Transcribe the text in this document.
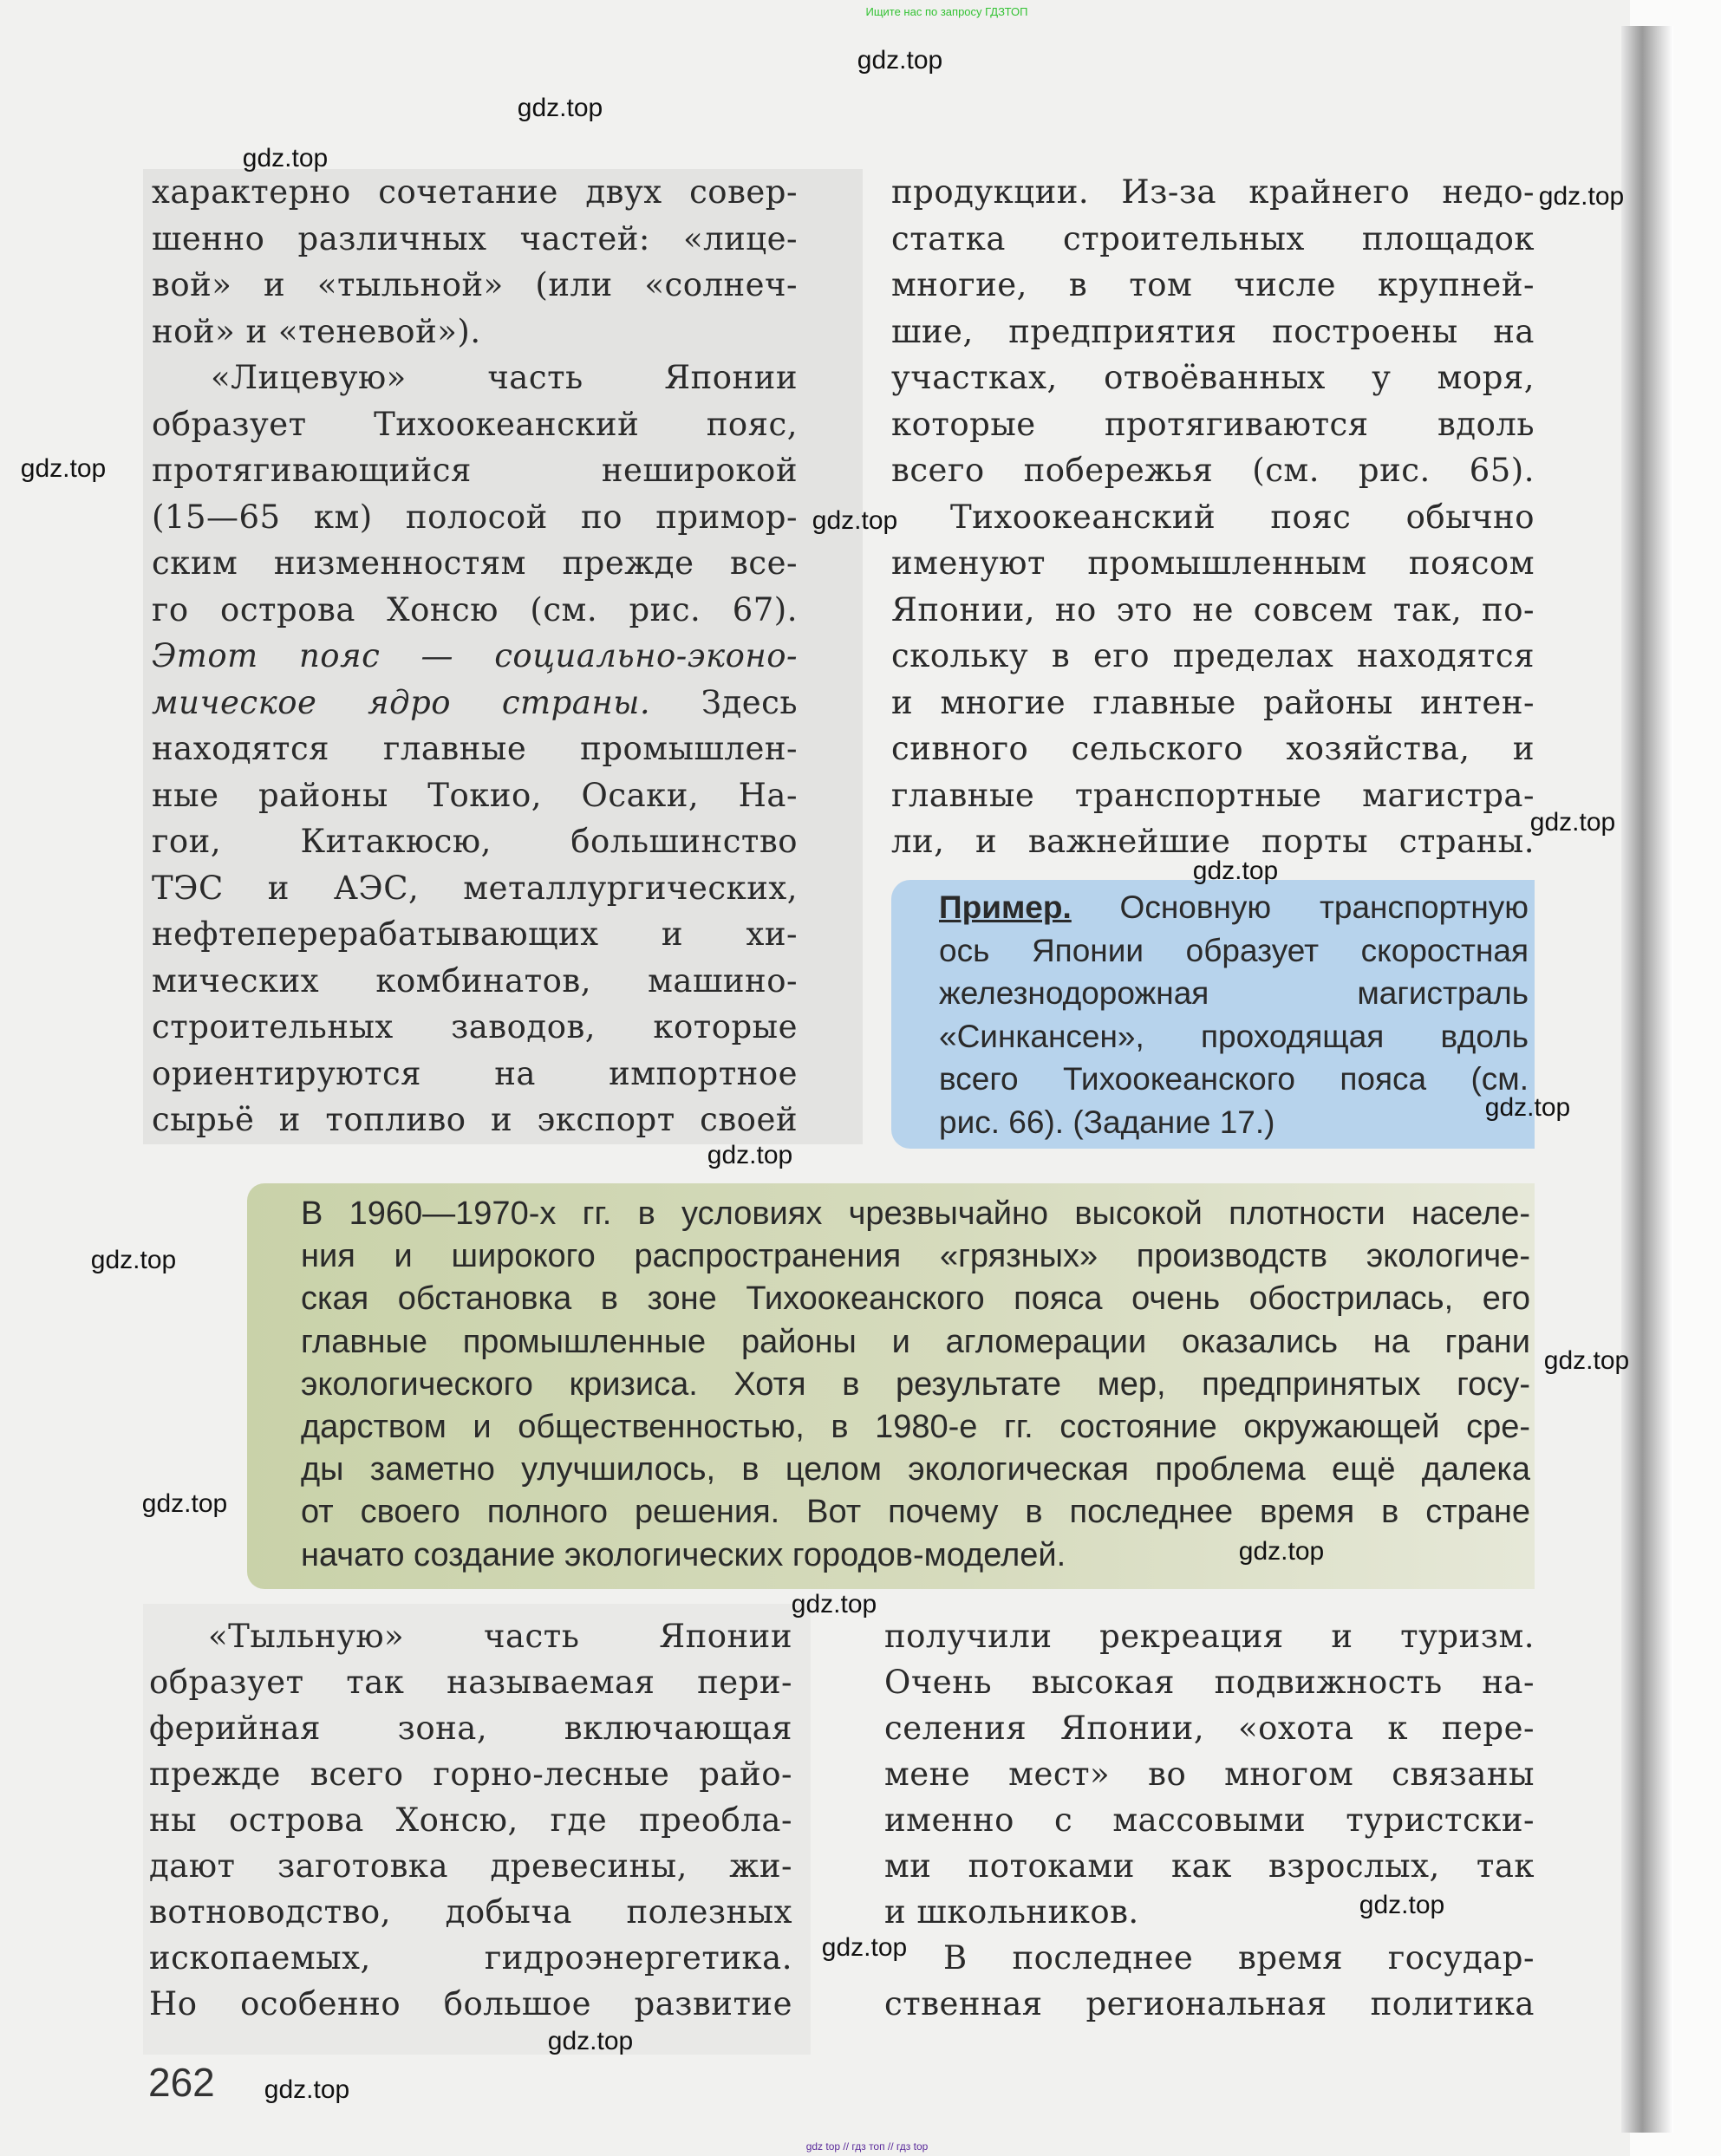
Ищите нас по запросу ГДЗТОП
характерно сочетание двух совер-
шенно различных частей: «лице-
вой» и «тыльной» (или «солнеч-
ной» и «теневой»).
«Лицевую» часть Японии
образует Тихоокеанский пояс,
протягивающийся неширокой
(15—65 км) полосой по примор-
ским низменностям прежде все-
го острова Хонсю (см. рис. 67).
Этот пояс — социально-эконо-
мическое ядро страны. Здесь
находятся главные промышлен-
ные районы Токио, Осаки, На-
гои, Китакюсю, большинство
ТЭС и АЭС, металлургических,
нефтеперерабатывающих и хи-
мических комбинатов, машино-
строительных заводов, которые
ориентируются на импортное
сырьё и топливо и экспорт своей
продукции. Из-за крайнего недо-
статка строительных площадок
многие, в том числе крупней-
шие, предприятия построены на
участках, отвоёванных у моря,
которые протягиваются вдоль
всего побережья (см. рис. 65).
Тихоокеанский пояс обычно
именуют промышленным поясом
Японии, но это не совсем так, по-
скольку в его пределах находятся
и многие главные районы интен-
сивного сельского хозяйства, и
главные транспортные магистра-
ли, и важнейшие порты страны.
Пример. Основную транспортную
ось Японии образует скоростная
железнодорожная магистраль
«Синкансен», проходящая вдоль
всего Тихоокеанского пояса (см.
рис. 66). (Задание 17.)
В 1960—1970-х гг. в условиях чрезвычайно высокой плотности населе-
ния и широкого распространения «грязных» производств экологиче-
ская обстановка в зоне Тихоокеанского пояса очень обострилась, его
главные промышленные районы и агломерации оказались на грани
экологического кризиса. Хотя в результате мер, предпринятых госу-
дарством и общественностью, в 1980-е гг. состояние окружающей сре-
ды заметно улучшилось, в целом экологическая проблема ещё далека
от своего полного решения. Вот почему в последнее время в стране
начато создание экологических городов-моделей.
«Тыльную» часть Японии
образует так называемая пери-
ферийная зона, включающая
прежде всего горно-лесные райо-
ны острова Хонсю, где преобла-
дают заготовка древесины, жи-
вотноводство, добыча полезных
ископаемых, гидроэнергетика.
Но особенно большое развитие
получили рекреация и туризм.
Очень высокая подвижность на-
селения Японии, «охота к пере-
мене мест» во многом связаны
именно с массовыми туристски-
ми потоками как взрослых, так
и школьников.
В последнее время государ-
ственная региональная политика
262
gdz top // гдз топ // гдз top
gdz.top
gdz.top
gdz.top
gdz.top
gdz.top
gdz.top
gdz.top
gdz.top
gdz.top
gdz.top
gdz.top
gdz.top
gdz.top
gdz.top
gdz.top
gdz.top
gdz.top
gdz.top
gdz.top
